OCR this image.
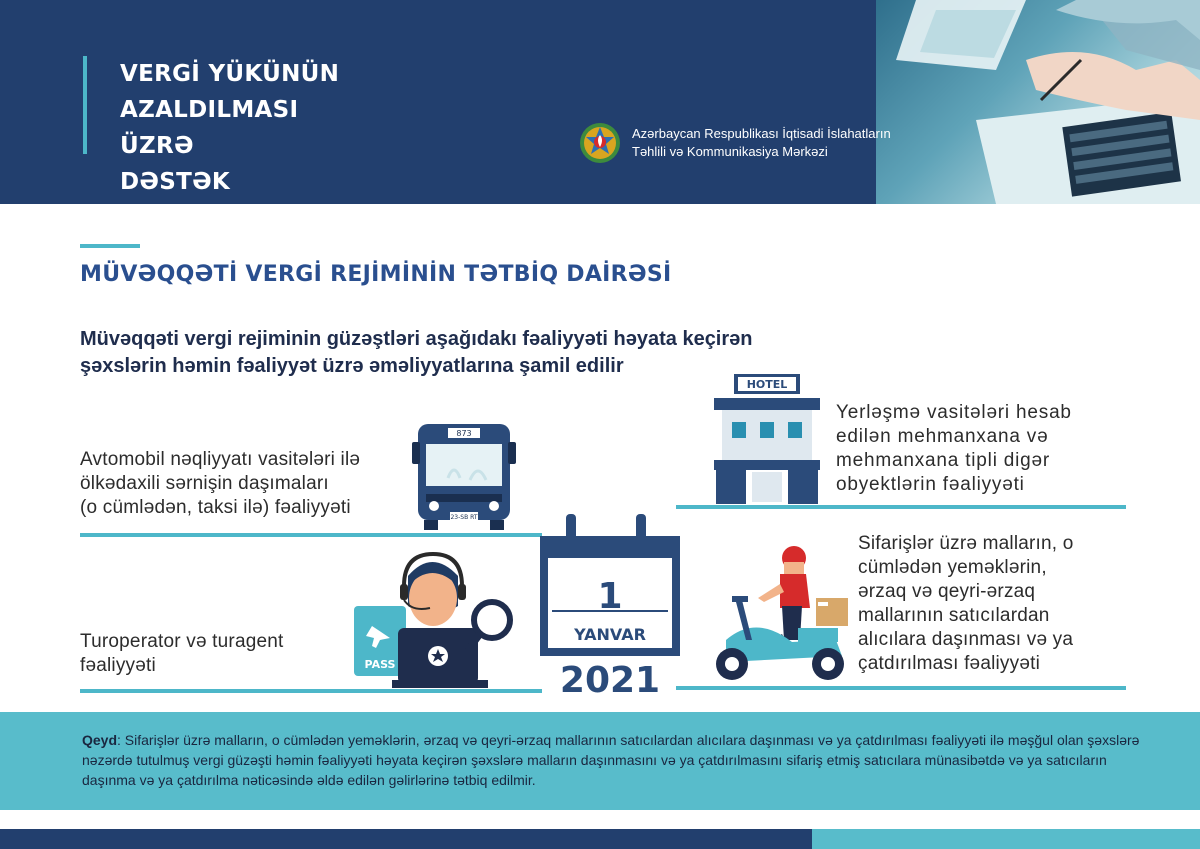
VERGİ YÜKÜNÜN
AZALDILMASI ÜZRƏ
DƏSTƏK PROQRAMI
Azərbaycan Respublikası İqtisadi İslahatların
Təhlili və Kommunikasiya Mərkəzi
MÜVƏQQƏTİ VERGİ REJİMİNİN TƏTBİQ DAİRƏSİ
Müvəqqəti vergi rejiminin güzəştləri aşağıdakı fəaliyyəti həyata keçirən
şəxslərin həmin fəaliyyət üzrə əməliyyatlarına şamil edilir
Avtomobil nəqliyyatı vasitələri ilə
ölkədaxili sərnişin daşımaları
(o cümlədən, taksi ilə) fəaliyyəti
Yerləşmə vasitələri hesab
edilən mehmanxana və
mehmanxana tipli digər
obyektlərin fəaliyyəti
Turoperator və turagent
fəaliyyəti
Sifarişlər üzrə malların, o
cümlədən yeməklərin,
ərzaq və qeyri-ərzaq
mallarının satıcılardan
alıcılara daşınması və ya
çatdırılması fəaliyyəti
873
23-SB RT
HOTEL
PASS
1
YANVAR
2021
Qeyd: Sifarişlər üzrə malların, o cümlədən yeməklərin, ərzaq və qeyri-ərzaq mallarının satıcılardan alıcılara daşınması və ya çatdırılması fəaliyyəti ilə məşğul olan şəxslərə nəzərdə tutulmuş vergi güzəşti həmin fəaliyyəti həyata keçirən şəxslərə malların daşınmasını və ya çatdırılmasını sifariş etmiş satıcılara münasibətdə və ya satıcıların daşınma və ya çatdırılma nəticəsində əldə edilən gəlirlərinə tətbiq edilmir.
